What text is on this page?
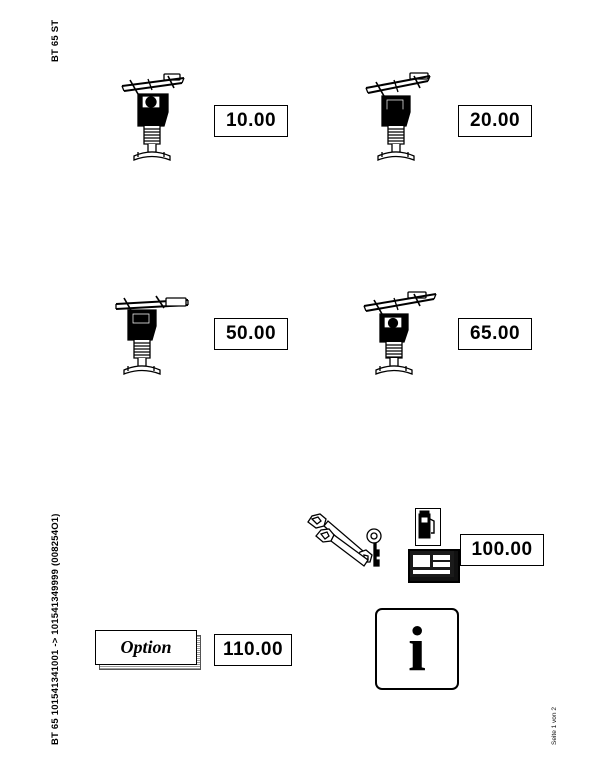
BT 65 ST
BT 65 101541341001 -> 101541349999 (008254O1)	Seite 1 von 2
10.00	20.00
50.00	65.00
100.00
Option	110.00 i
